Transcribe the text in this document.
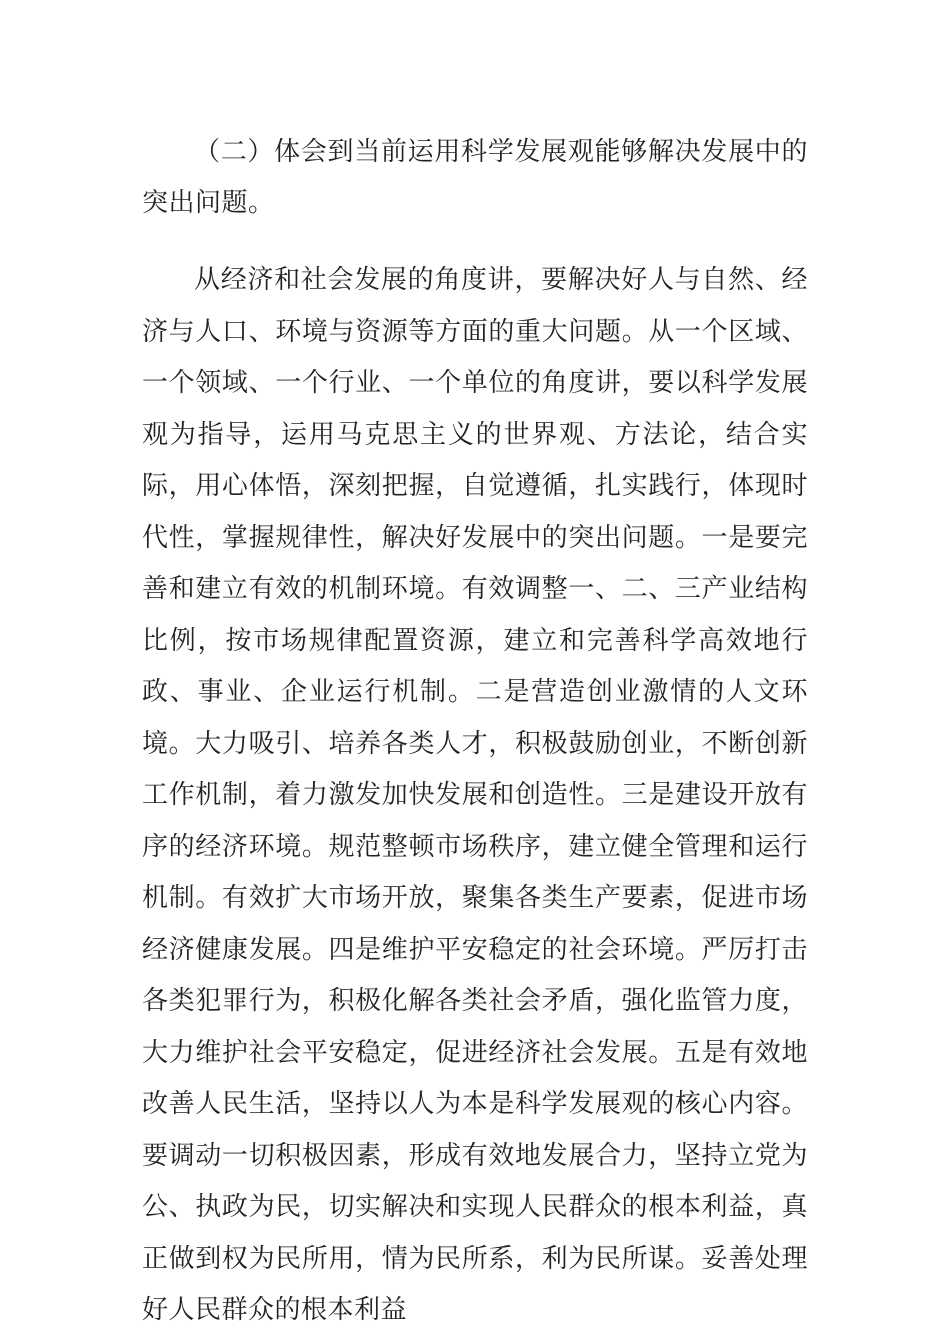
（二）体会到当前运用科学发展观能够解决发展中的突出问题。

从经济和社会发展的角度讲，要解决好人与自然、经济与人口、环境与资源等方面的重大问题。从一个区域、一个领域、一个行业、一个单位的角度讲，要以科学发展观为指导，运用马克思主义的世界观、方法论，结合实际，用心体悟，深刻把握，自觉遵循，扎实践行，体现时代性，掌握规律性，解决好发展中的突出问题。一是要完善和建立有效的机制环境。有效调整一、二、三产业结构比例，按市场规律配置资源，建立和完善科学高效地行政、事业、企业运行机制。二是营造创业激情的人文环境。大力吸引、培养各类人才，积极鼓励创业，不断创新工作机制，着力激发加快发展和创造性。三是建设开放有序的经济环境。规范整顿市场秩序，建立健全管理和运行机制。有效扩大市场开放，聚集各类生产要素，促进市场经济健康发展。四是维护平安稳定的社会环境。严厉打击各类犯罪行为，积极化解各类社会矛盾，强化监管力度，大力维护社会平安稳定，促进经济社会发展。五是有效地改善人民生活，坚持以人为本是科学发展观的核心内容。要调动一切积极因素，形成有效地发展合力，坚持立党为公、执政为民，切实解决和实现人民群众的根本利益，真正做到权为民所用，情为民所系，利为民所谋。妥善处理好人民群众的根本利益
